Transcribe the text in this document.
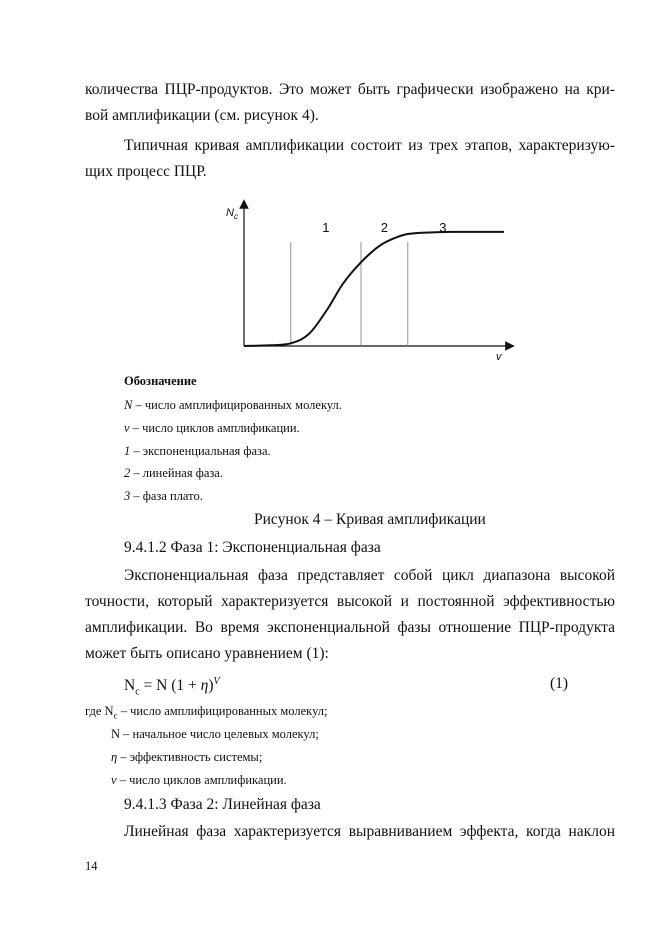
количества ПЦР-продуктов. Это может быть графически изображено на кри-
вой амплификации (см. рисунок 4).
Типичная кривая амплификации состоит из трех этапов, характеризую-
щих процесс ПЦР.
$N_c$
v
1	2	3
Обозначение
N – число амплифицированных молекул.
v – число циклов амплификации.
1 – экспоненциальная фаза.
2 – линейная фаза.
3 – фаза плато.
Рисунок 4 – Кривая амплификации
9.4.1.2 Фаза 1: Экспоненциальная фаза
Экспоненциальная фаза представляет собой цикл диапазона высокой
точности, который характеризуется высокой и постоянной эффективностью
амплификации. Во время экспоненциальной фазы отношение ПЦР-продукта
может быть описано уравнением (1):
$N_c = N$ $(1 + \eta)^V$	(1)
где $N_c$ – число амплифицированных молекул;
N – начальное число целевых молекул;
η – эффективность системы;
v – число циклов амплификации.
9.4.1.3 Фаза 2: Линейная фаза
Линейная фаза характеризуется выравниванием эффекта, когда наклон
14
